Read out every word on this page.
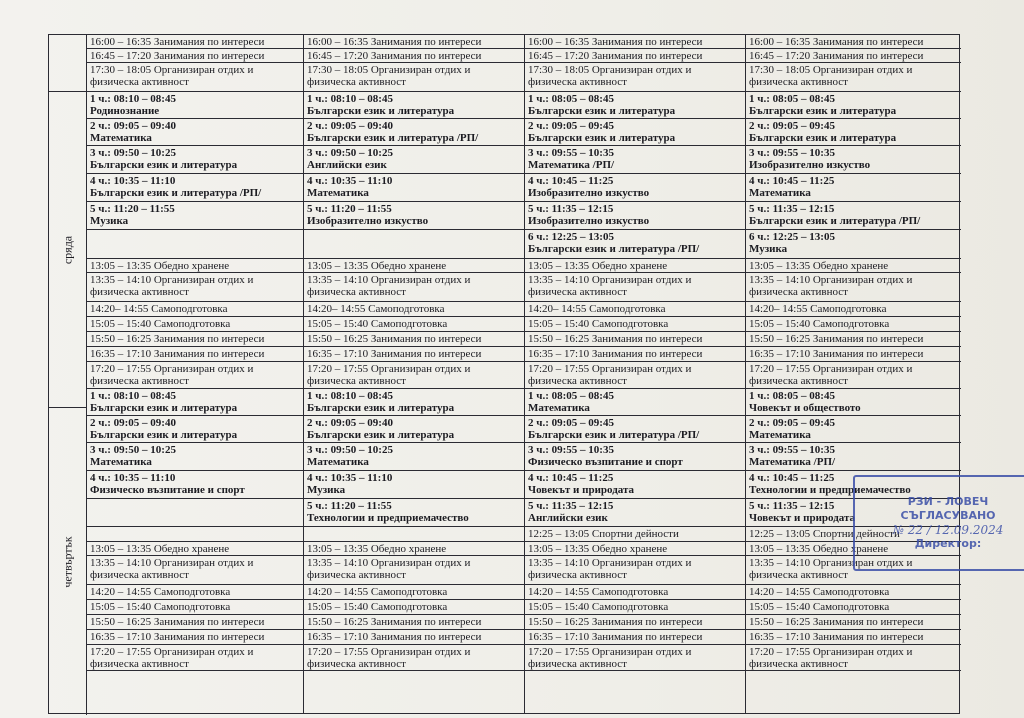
сряда
четвъртък
16:00 – 16:35 Занимания по интереси
16:45 – 17:20 Занимания по интереси
17:30 – 18:05 Организиран отдих и физическа активност
1 ч.: 08:10 – 08:45
Родинознание
2 ч.: 09:05 – 09:40
Математика
3 ч.: 09:50 – 10:25
Български език и литература
4 ч.: 10:35 – 11:10
Български език и литература /РП/
5 ч.: 11:20 – 11:55
Музика
13:05 – 13:35 Обедно хранене
13:35 – 14:10 Организиран отдих и физическа активност
14:20– 14:55 Самоподготовка
15:05 – 15:40 Самоподготовка
15:50 – 16:25 Занимания по интереси
16:35 – 17:10 Занимания по интереси
17:20 – 17:55 Организиран отдих и физическа активност
1 ч.: 08:10 – 08:45
Български език и литература
2 ч.: 09:05 – 09:40
Български език и литература
3 ч.: 09:50 – 10:25
Математика
4 ч.: 10:35 – 11:10
Физическо възпитание и спорт
13:05 – 13:35 Обедно хранене
13:35 – 14:10 Организиран отдих и физическа активност
14:20 – 14:55 Самоподготовка
15:05 – 15:40 Самоподготовка
15:50 – 16:25 Занимания по интереси
16:35 – 17:10 Занимания по интереси
17:20 – 17:55 Организиран отдих и физическа активност
16:00 – 16:35 Занимания по интереси
16:45 – 17:20 Занимания по интереси
17:30 – 18:05 Организиран отдих и физическа активност
1 ч.: 08:10 – 08:45
Български език и литература
2 ч.: 09:05 – 09:40
Български език и литература /РП/
3 ч.: 09:50 – 10:25
Английски език
4 ч.: 10:35 – 11:10
Математика
5 ч.: 11:20 – 11:55
Изобразително изкуство
13:05 – 13:35 Обедно хранене
13:35 – 14:10 Организиран отдих и физическа активност
14:20– 14:55 Самоподготовка
15:05 – 15:40 Самоподготовка
15:50 – 16:25 Занимания по интереси
16:35 – 17:10 Занимания по интереси
17:20 – 17:55 Организиран отдих и физическа активност
1 ч.: 08:10 – 08:45
Български език и литература
2 ч.: 09:05 – 09:40
Български език и литература
3 ч.: 09:50 – 10:25
Математика
4 ч.: 10:35 – 11:10
Музика
5 ч.: 11:20 – 11:55
Технологии и предприемачество
13:05 – 13:35 Обедно хранене
13:35 – 14:10 Организиран отдих и физическа активност
14:20 – 14:55 Самоподготовка
15:05 – 15:40 Самоподготовка
15:50 – 16:25 Занимания по интереси
16:35 – 17:10 Занимания по интереси
17:20 – 17:55 Организиран отдих и физическа активност
16:00 – 16:35 Занимания по интереси
16:45 – 17:20 Занимания по интереси
17:30 – 18:05 Организиран отдих и физическа активност
1 ч.: 08:05 – 08:45
Български език и литература
2 ч.: 09:05 – 09:45
Български език и литература
3 ч.: 09:55 – 10:35
Математика /РП/
4 ч.: 10:45 – 11:25
Изобразително изкуство
5 ч.: 11:35 – 12:15
Изобразително изкуство
6 ч.: 12:25 – 13:05
Български език и литература /РП/
13:05 – 13:35 Обедно хранене
13:35 – 14:10 Организиран отдих и физическа активност
14:20– 14:55 Самоподготовка
15:05 – 15:40 Самоподготовка
15:50 – 16:25 Занимания по интереси
16:35 – 17:10 Занимания по интереси
17:20 – 17:55 Организиран отдих и физическа активност
1 ч.: 08:05 – 08:45
Математика
2 ч.: 09:05 – 09:45
Български език и литература /РП/
3 ч.: 09:55 – 10:35
Физическо възпитание и спорт
4 ч.: 10:45 – 11:25
Човекът и природата
5 ч.: 11:35 – 12:15
Английски език
12:25 – 13:05 Спортни дейности
13:05 – 13:35 Обедно хранене
13:35 – 14:10 Организиран отдих и физическа активност
14:20 – 14:55 Самоподготовка
15:05 – 15:40 Самоподготовка
15:50 – 16:25 Занимания по интереси
16:35 – 17:10 Занимания по интереси
17:20 – 17:55 Организиран отдих и физическа активност
16:00 – 16:35 Занимания по интереси
16:45 – 17:20 Занимания по интереси
17:30 – 18:05 Организиран отдих и физическа активност
1 ч.: 08:05 – 08:45
Български език и литература
2 ч.: 09:05 – 09:45
Български език и литература
3 ч.: 09:55 – 10:35
Изобразително изкуство
4 ч.: 10:45 – 11:25
Математика
5 ч.: 11:35 – 12:15
Български език и литература /РП/
6 ч.: 12:25 – 13:05
Музика
13:05 – 13:35 Обедно хранене
13:35 – 14:10 Организиран отдих и физическа активност
14:20– 14:55 Самоподготовка
15:05 – 15:40 Самоподготовка
15:50 – 16:25 Занимания по интереси
16:35 – 17:10 Занимания по интереси
17:20 – 17:55 Организиран отдих и физическа активност
1 ч.: 08:05 – 08:45
Човекът и обществото
2 ч.: 09:05 – 09:45
Математика
3 ч.: 09:55 – 10:35
Математика /РП/
4 ч.: 10:45 – 11:25
Технологии и предприемачество
5 ч.: 11:35 – 12:15
Човекът и природата
12:25 – 13:05 Спортни дейности
13:05 – 13:35 Обедно хранене
13:35 – 14:10 Организиран отдих и физическа активност
14:20 – 14:55 Самоподготовка
15:05 – 15:40 Самоподготовка
15:50 – 16:25 Занимания по интереси
16:35 – 17:10 Занимания по интереси
17:20 – 17:55 Организиран отдих и физическа активност
РЗИ - ЛОВЕЧ
СЪГЛАСУВАНО
№ 22 / 12.09.2024
Директор:
